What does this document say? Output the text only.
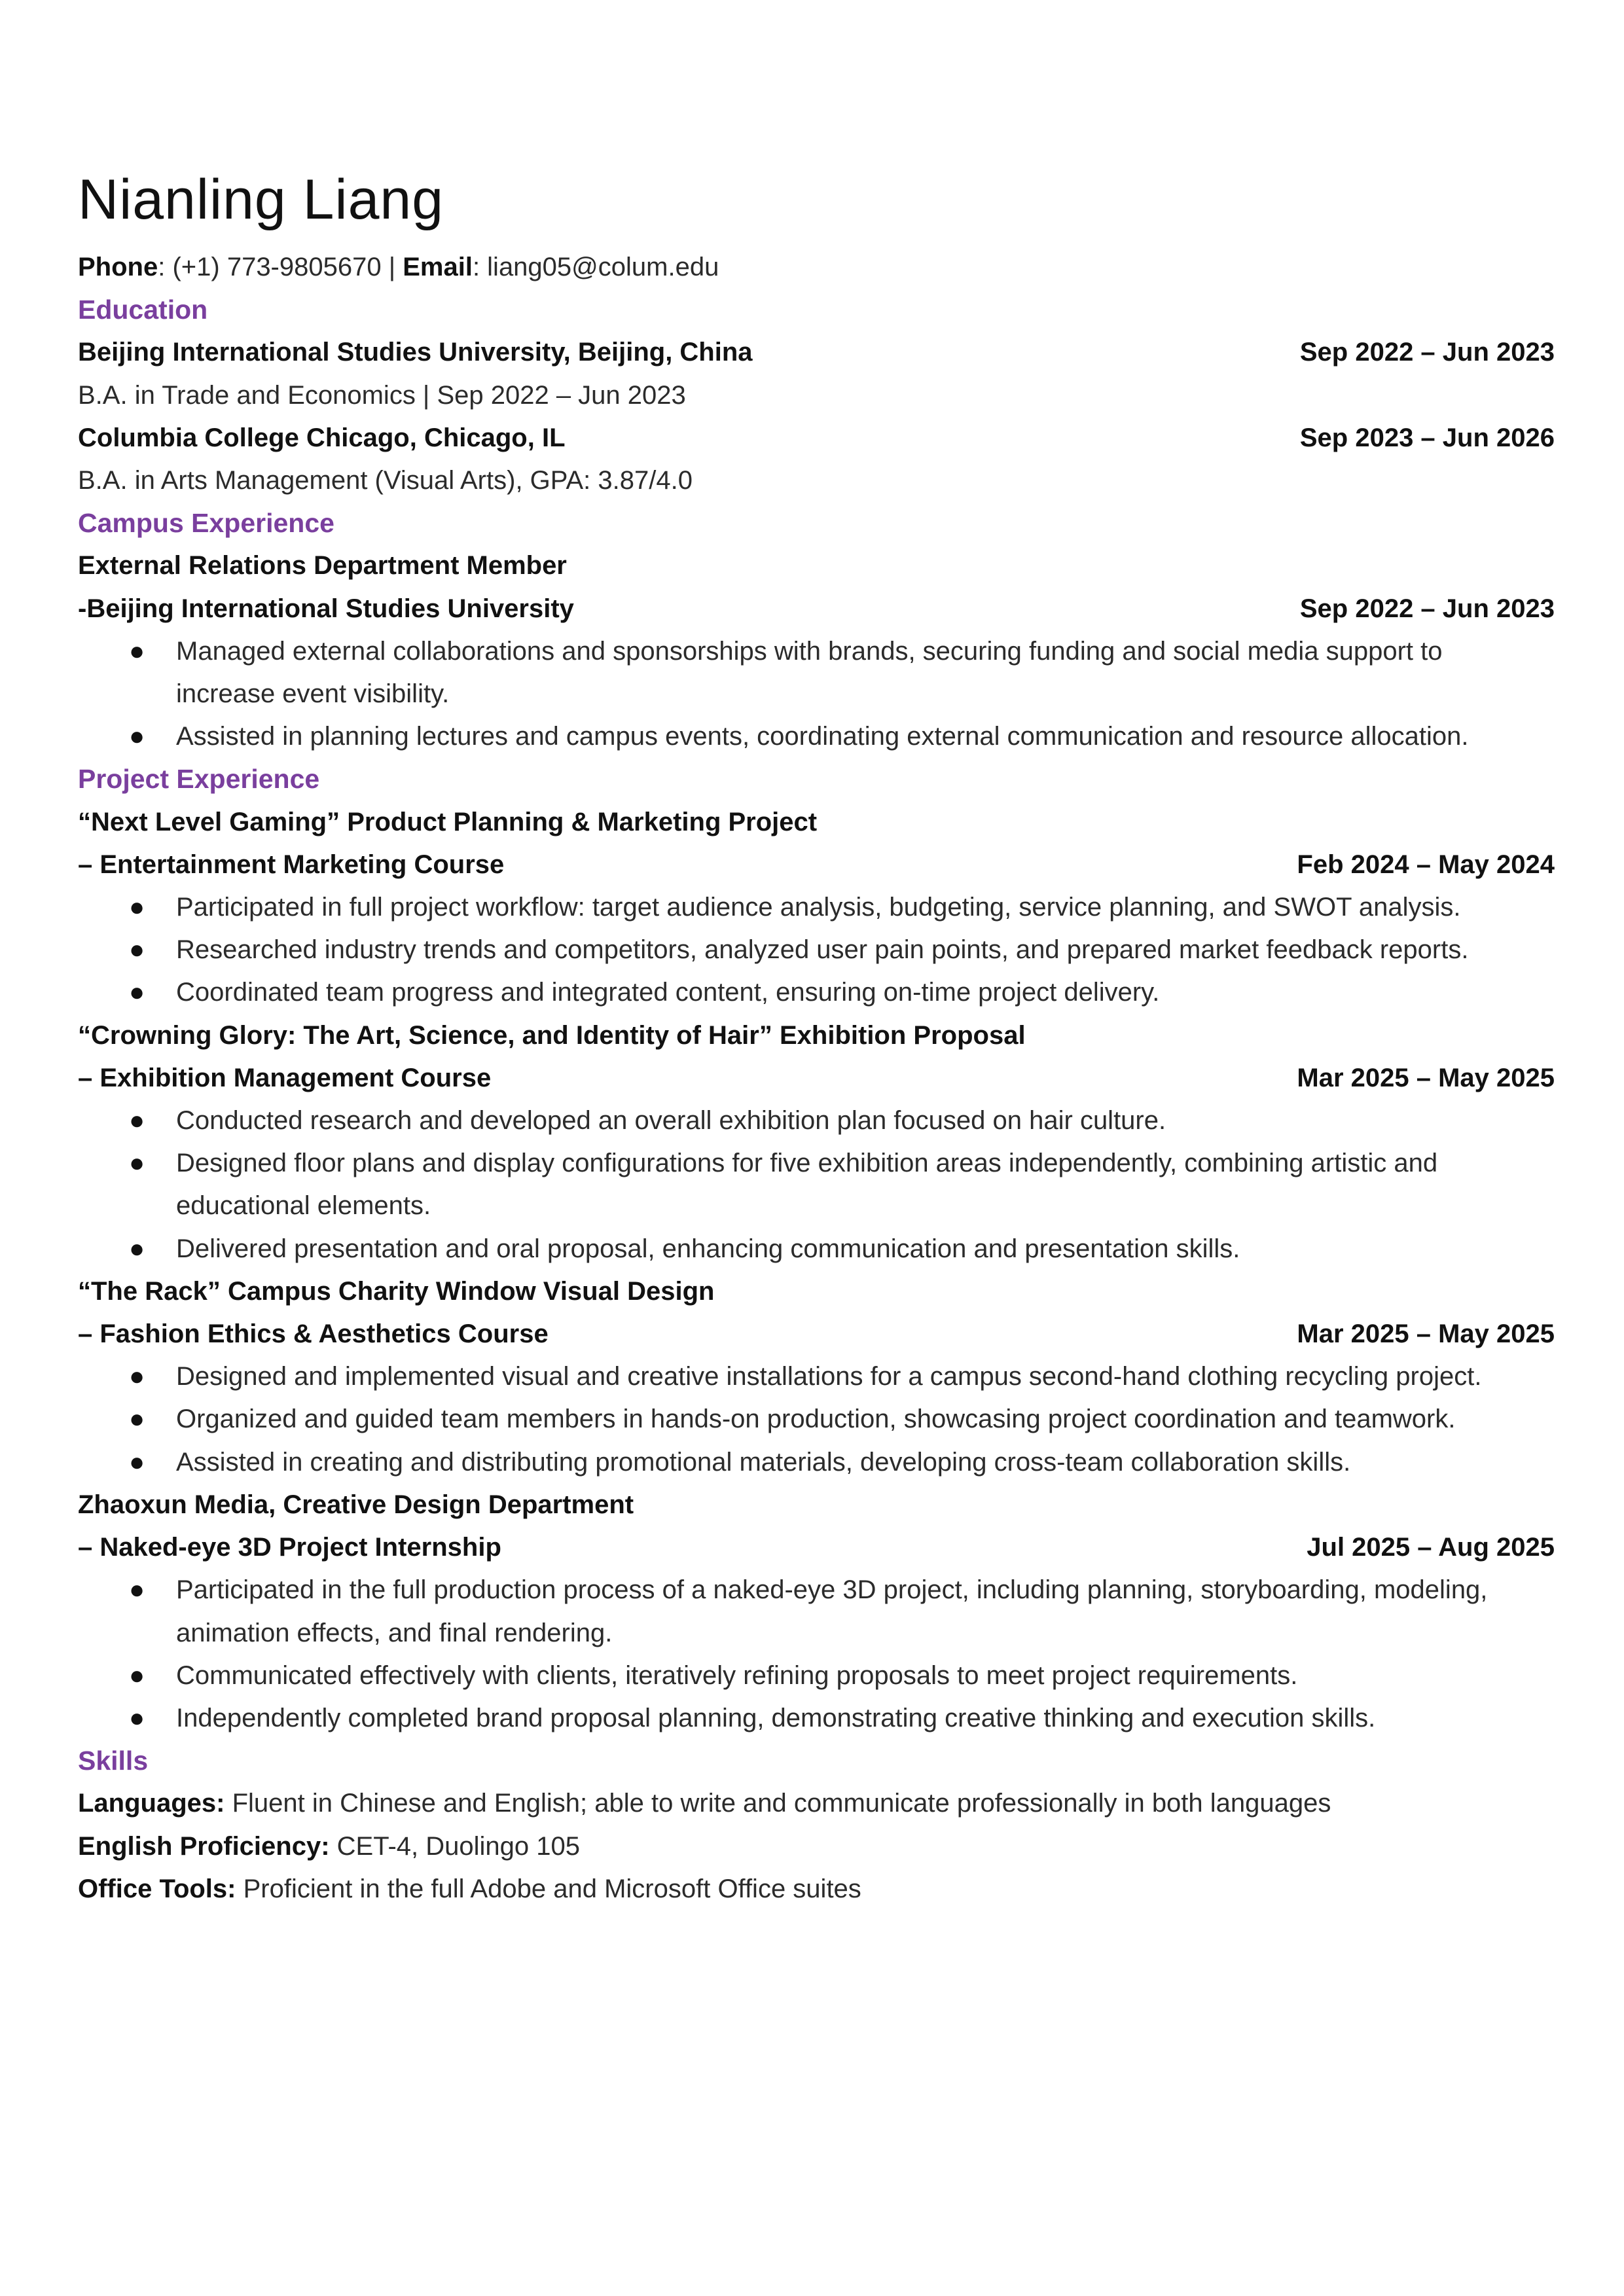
Nianling Liang
Phone: (+1) 773-9805670 | Email: liang05@colum.edu
Education
Beijing International Studies University, Beijing, China	Sep 2022 – Jun 2023
B.A. in Trade and Economics | Sep 2022 – Jun 2023
Columbia College Chicago, Chicago, IL	Sep 2023 – Jun 2026
B.A. in Arts Management (Visual Arts), GPA: 3.87/4.0
Campus Experience
External Relations Department Member
-Beijing International Studies University	Sep 2022 – Jun 2023
● Managed external collaborations and sponsorships with brands, securing funding and social media support to increase event visibility.
● Assisted in planning lectures and campus events, coordinating external communication and resource allocation.
Project Experience
“Next Level Gaming” Product Planning & Marketing Project
– Entertainment Marketing Course	Feb 2024 – May 2024
● Participated in full project workflow: target audience analysis, budgeting, service planning, and SWOT analysis.
● Researched industry trends and competitors, analyzed user pain points, and prepared market feedback reports.
● Coordinated team progress and integrated content, ensuring on-time project delivery.
“Crowning Glory: The Art, Science, and Identity of Hair” Exhibition Proposal
– Exhibition Management Course	Mar 2025 – May 2025
● Conducted research and developed an overall exhibition plan focused on hair culture.
● Designed floor plans and display configurations for five exhibition areas independently, combining artistic and educational elements.
● Delivered presentation and oral proposal, enhancing communication and presentation skills.
“The Rack” Campus Charity Window Visual Design
– Fashion Ethics & Aesthetics Course	Mar 2025 – May 2025
● Designed and implemented visual and creative installations for a campus second-hand clothing recycling project.
● Organized and guided team members in hands-on production, showcasing project coordination and teamwork.
● Assisted in creating and distributing promotional materials, developing cross-team collaboration skills.
Zhaoxun Media, Creative Design Department
– Naked-eye 3D Project Internship	Jul 2025 – Aug 2025
● Participated in the full production process of a naked-eye 3D project, including planning, storyboarding, modeling, animation effects, and final rendering.
● Communicated effectively with clients, iteratively refining proposals to meet project requirements.
● Independently completed brand proposal planning, demonstrating creative thinking and execution skills.
Skills
Languages: Fluent in Chinese and English; able to write and communicate professionally in both languages
English Proficiency: CET-4, Duolingo 105
Office Tools: Proficient in the full Adobe and Microsoft Office suites
